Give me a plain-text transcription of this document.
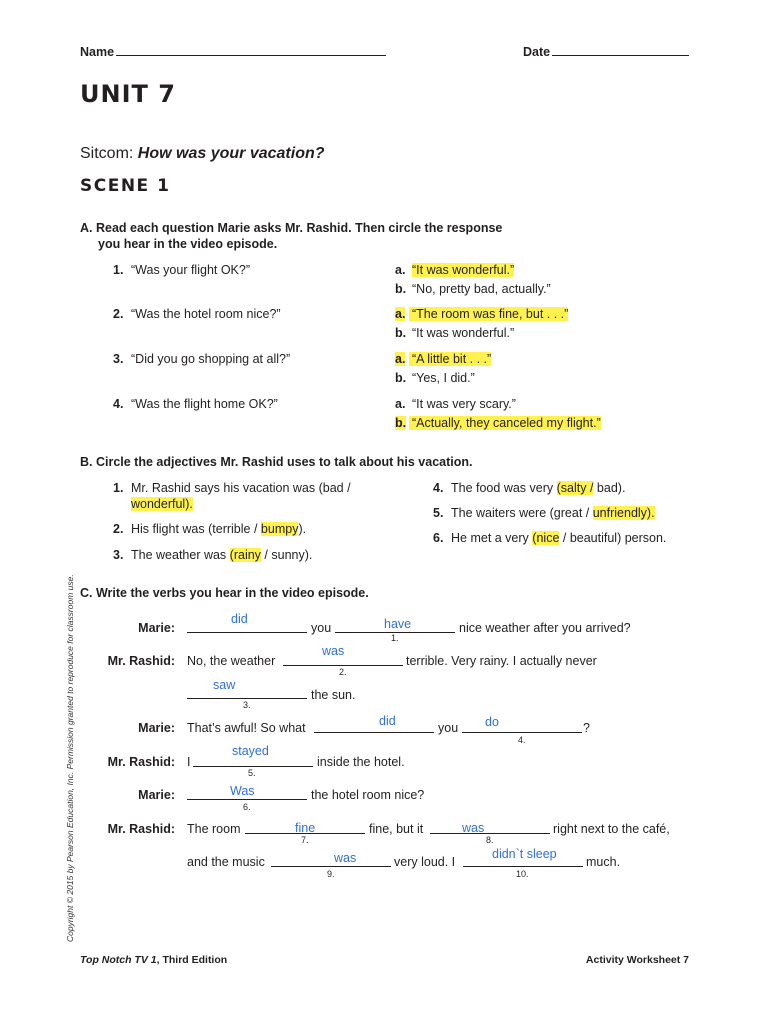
Name	Date
UNIT 7
Sitcom: How was your vacation?
SCENE 1
A. Read each question Marie asks Mr. Rashid. Then circle the response
you hear in the video episode.
1. “Was your flight OK?”	a. “It was wonderful.”
b. “No, pretty bad, actually.”
2. “Was the hotel room nice?”	a. “The room was fine, but . . .”
b. “It was wonderful.”
3. “Did you go shopping at all?”	a. “A little bit . . .”
b. “Yes, I did.”
4. “Was the flight home OK?”	a. “It was very scary.”
b. “Actually, they canceled my flight.”
B. Circle the adjectives Mr. Rashid uses to talk about his vacation.
1. Mr. Rashid says his vacation was (bad /
wonderful).
2. His flight was (terrible / bumpy).
3. The weather was (rainy / sunny).
4. The food was very (salty / bad).
5. The waiters were (great / unfriendly).
6. He met a very (nice / beautiful) person.
C. Write the verbs you hear in the video episode.
Marie:
did
you	have
1.
nice weather after you arrived?
Mr. Rashid: No, the weather
was
2.
terrible. Very rainy. I actually never
saw
3.
the sun.
Marie: That’s awful! So what	did	you do
4.
?
Mr. Rashid: I
stayed
5.
inside the hotel.
Marie:	Was
6.
the hotel room nice?
Mr. Rashid: The room	fine
7.
fine, but it	was
8.
right next to the café,
and the music	was
9.
very loud. I
didn`t sleep
10.
much.
Copyright © 2015 by Pearson Education, Inc. Permission granted to reproduce for classroom use.
Top Notch TV 1, Third Edition	Activity Worksheet 7
